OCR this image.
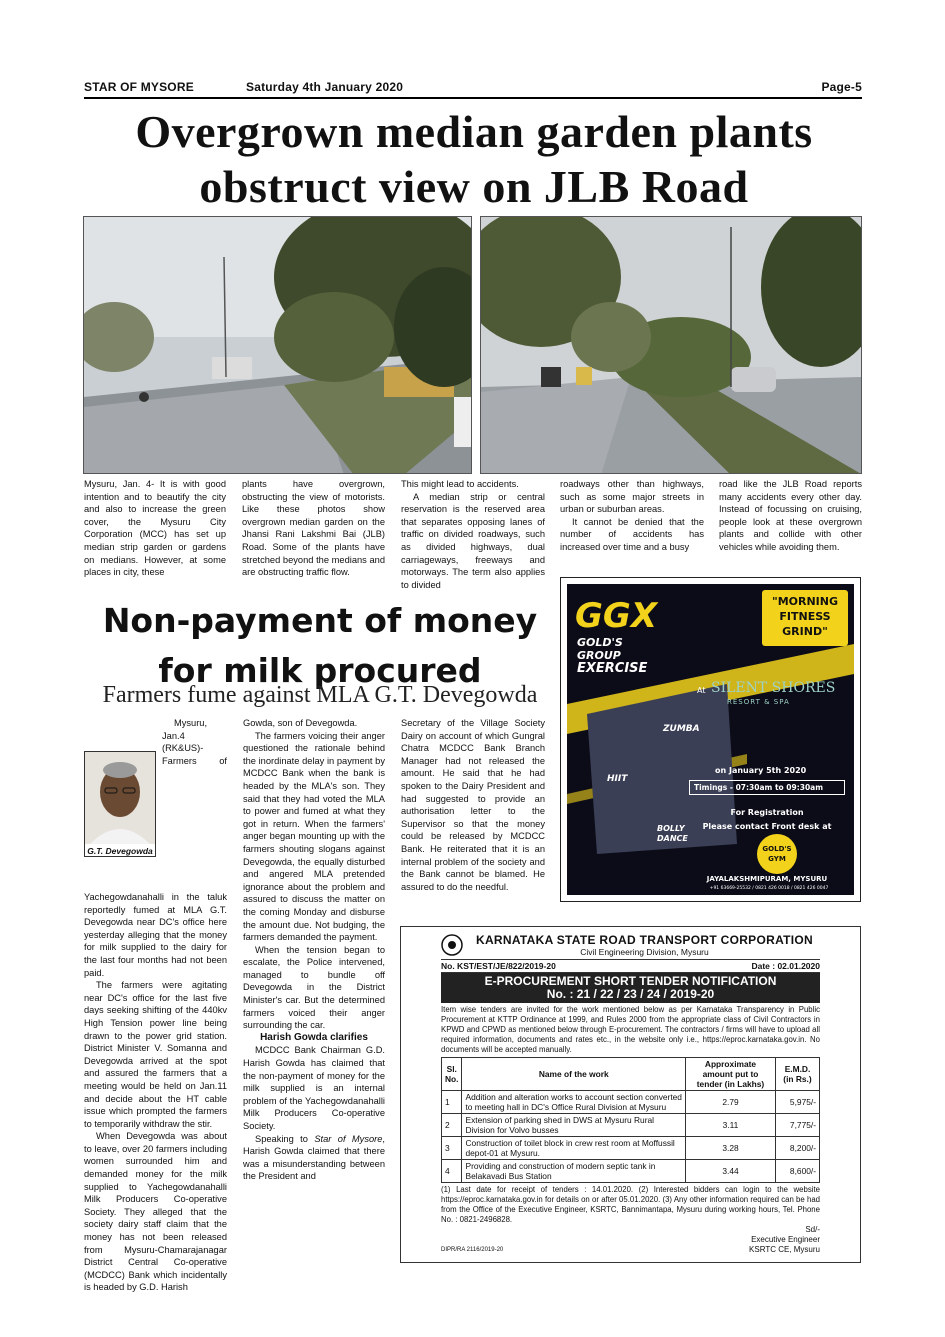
STAR OF MYSORE	Saturday 4th January 2020	Page-5
Overgrown median garden plants
obstruct view on JLB Road

Mysuru, Jan. 4- It is with good intention and to beautify the city and also to increase the green cover, the Mysuru City Corporation (MCC) has set up median strip garden or gardens on medians. However, at some places in city, these

plants have overgrown, obstructing the view of motorists. Like these photos show overgrown median garden on the Jhansi Rani Lakshmi Bai (JLB) Road. Some of the plants have stretched beyond the medians and are obstructing traffic flow.

This might lead to accidents.

A median strip or central reservation is the reserved area that separates opposing lanes of traffic on divided roadways, such as divided highways, dual carriageways, freeways and motorways. The term also applies to divided

roadways other than highways, such as some major streets in urban or suburban areas.

It cannot be denied that the number of accidents has increased over time and a busy

road like the JLB Road reports many accidents every other day. Instead of focussing on cruising, people look at these overgrown plants and collide with other vehicles while avoiding them.

Non-payment of money
for milk procured
Farmers fume against MLA G.T. Devegowda
G.T. Devegowda

Mysuru, Jan.4 (RK&US)- Farmers of Yachegowdanahalli in the taluk reportedly fumed at MLA G.T. Devegowda near DC's office here yesterday alleging that the money for milk supplied to the dairy for the last four months had not been paid.

The farmers were agitating near DC's office for the last five days seeking shifting of the 440kv High Tension power line being drawn to the power grid station. District Minister V. Somanna and Devegowda arrived at the spot and assured the farmers that a meeting would be held on Jan.11 and decide about the HT cable issue which prompted the farmers to temporarily withdraw the stir.

When Devegowda was about to leave, over 20 farmers including women surrounded him and demanded money for the milk supplied to Yachegowdanahalli Milk Producers Co-operative Society. They alleged that the society dairy staff claim that the money has not been released from Mysuru-Chamarajanagar District Central Co-operative (MCDCC) Bank which incidentally is headed by G.D. Harish

Gowda, son of Devegowda.

The farmers voicing their anger questioned the rationale behind the inordinate delay in payment by MCDCC Bank when the bank is headed by the MLA's son. They said that they had voted the MLA to power and fumed at what they got in return. When the farmers' anger began mounting up with the farmers shouting slogans against Devegowda, the equally disturbed and angered MLA pretended ignorance about the problem and assured to discuss the matter on the coming Monday and disburse the amount due. Not budging, the farmers demanded the payment.

When the tension began to escalate, the Police intervened, managed to bundle off Devegowda in the District Minister's car. But the determined farmers voiced their anger surrounding the car.

Harish Gowda clarifies

MCDCC Bank Chairman G.D. Harish Gowda has claimed that the non-payment of money for the milk supplied is an internal problem of the Yachegowdanahalli Milk Producers Co-operative Society.

Speaking to Star of Mysore, Harish Gowda claimed that there was a misunderstanding between the President and

Secretary of the Village Society Dairy on account of which Gungral Chatra MCDCC Bank Branch Manager had not released the amount. He said that he had spoken to the Dairy President and had suggested to provide an authorisation letter to the Supervisor so that the money could be released by MCDCC Bank. He reiterated that it is an internal problem of the society and the Bank cannot be blamed. He assured to do the needful.

GGX
GOLD'S
GROUP
EXERCISE
"MORNING
FITNESS
GRIND"
At SILENT SHORES
RESORT & SPA
ZUMBA
HIIT
BOLLY
DANCE
on January 5th 2020
Timings - 07:30am to 09:30am
For Registration
Please contact Front desk at
GOLD'S
GYM
JAYALAKSHMIPURAM, MYSURU
+91 63669-25532 / 0821 426 0018 / 0821 426 0047
KARNATAKA STATE ROAD TRANSPORT CORPORATION
Civil Engineering Division, Mysuru
No. KST/EST/JE/822/2019-20	Date : 02.01.2020
E-PROCUREMENT SHORT TENDER NOTIFICATION
No. : 21 / 22 / 23 / 24 / 2019-20
Item wise tenders are invited for the work mentioned below as per Karnataka Transparency in Public Procurement at KTTP Ordinance at 1999, and Rules 2000 from the appropriate class of Civil Contractors in KPWD and CPWD as mentioned below through E-procurement. The contractors / firms will have to upload all required information, documents and rates etc., in the website only i.e., https://eproc.karnataka.gov.in. No documents will be accepted manually.
Sl. No.	Name of the work	Approximate amount put to tender (in Lakhs)	E.M.D. (in Rs.)
1	Addition and alteration works to account section converted to meeting hall in DC's Office Rural Division at Mysuru	2.79	5,975/-
2	Extension of parking shed in DWS at Mysuru Rural Division for Volvo busses	3.11	7,775/-
3	Construction of toilet block in crew rest room at Moffussil depot-01 at Mysuru.	3.28	8,200/-
4	Providing and construction of modern septic tank in Belakavadi Bus Station	3.44	8,600/-
(1) Last date for receipt of tenders : 14.01.2020. (2) Interested bidders can login to the website https://eproc.karnataka.gov.in for details on or after 05.01.2020. (3) Any other information required can be had from the Office of the Executive Engineer, KSRTC, Bannimantapa, Mysuru during working hours, Tel. Phone No. : 0821-2496828.
Sd/-
Executive Engineer
KSRTC CE, Mysuru
DIPR/RA 2116/2019-20
